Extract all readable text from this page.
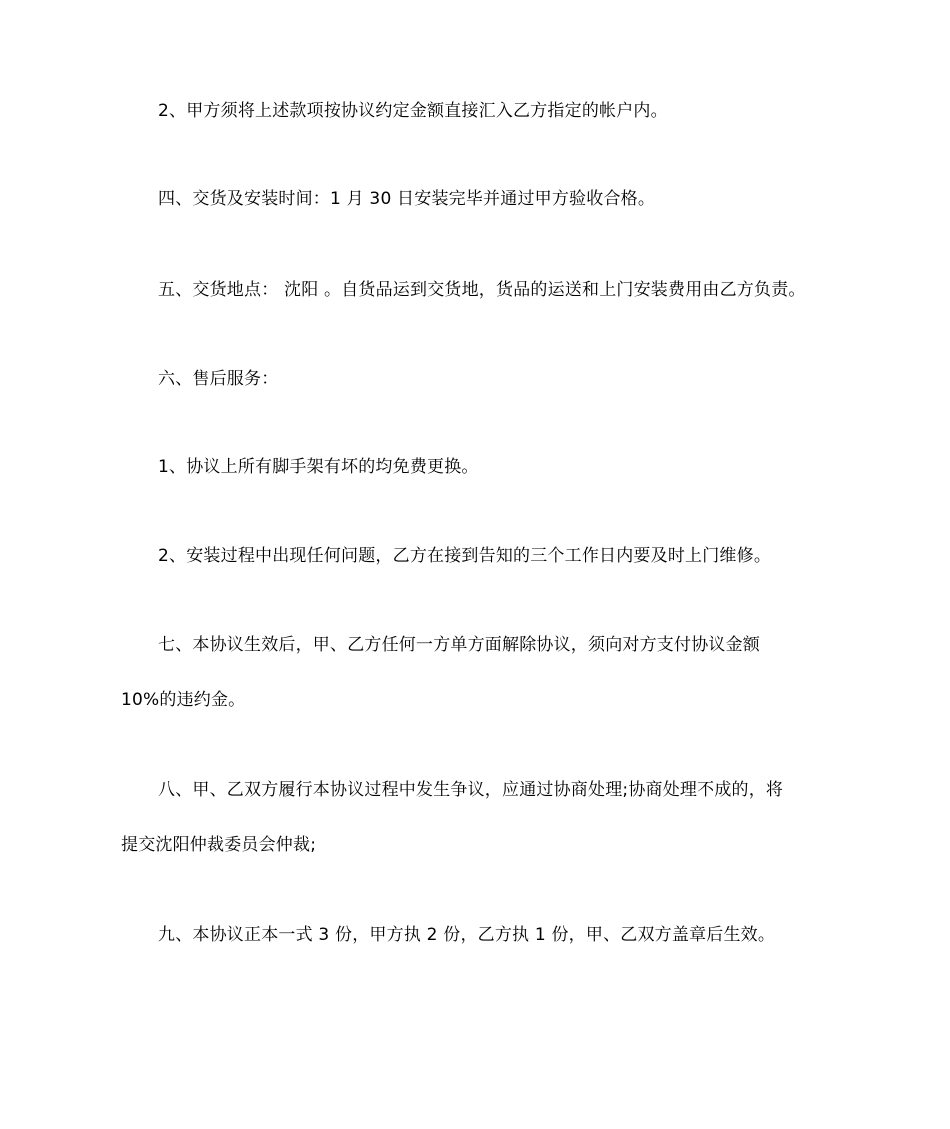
2、甲方须将上述款项按协议约定金额直接汇入乙方指定的帐户内。
四、交货及安装时间：1 月 30 日安装完毕并通过甲方验收合格。
五、交货地点： 沈阳 。自货品运到交货地，货品的运送和上门安装费用由乙方负责。
六、售后服务：
1、协议上所有脚手架有坏的均免费更换。
2、安装过程中出现任何问题，乙方在接到告知的三个工作日内要及时上门维修。
七、本协议生效后，甲、乙方任何一方单方面解除协议，须向对方支付协议金额
10%的违约金。
八、甲、乙双方履行本协议过程中发生争议，应通过协商处理;协商处理不成的，将
提交沈阳仲裁委员会仲裁;
九、本协议正本一式 3 份，甲方执 2 份，乙方执 1 份，甲、乙双方盖章后生效。
